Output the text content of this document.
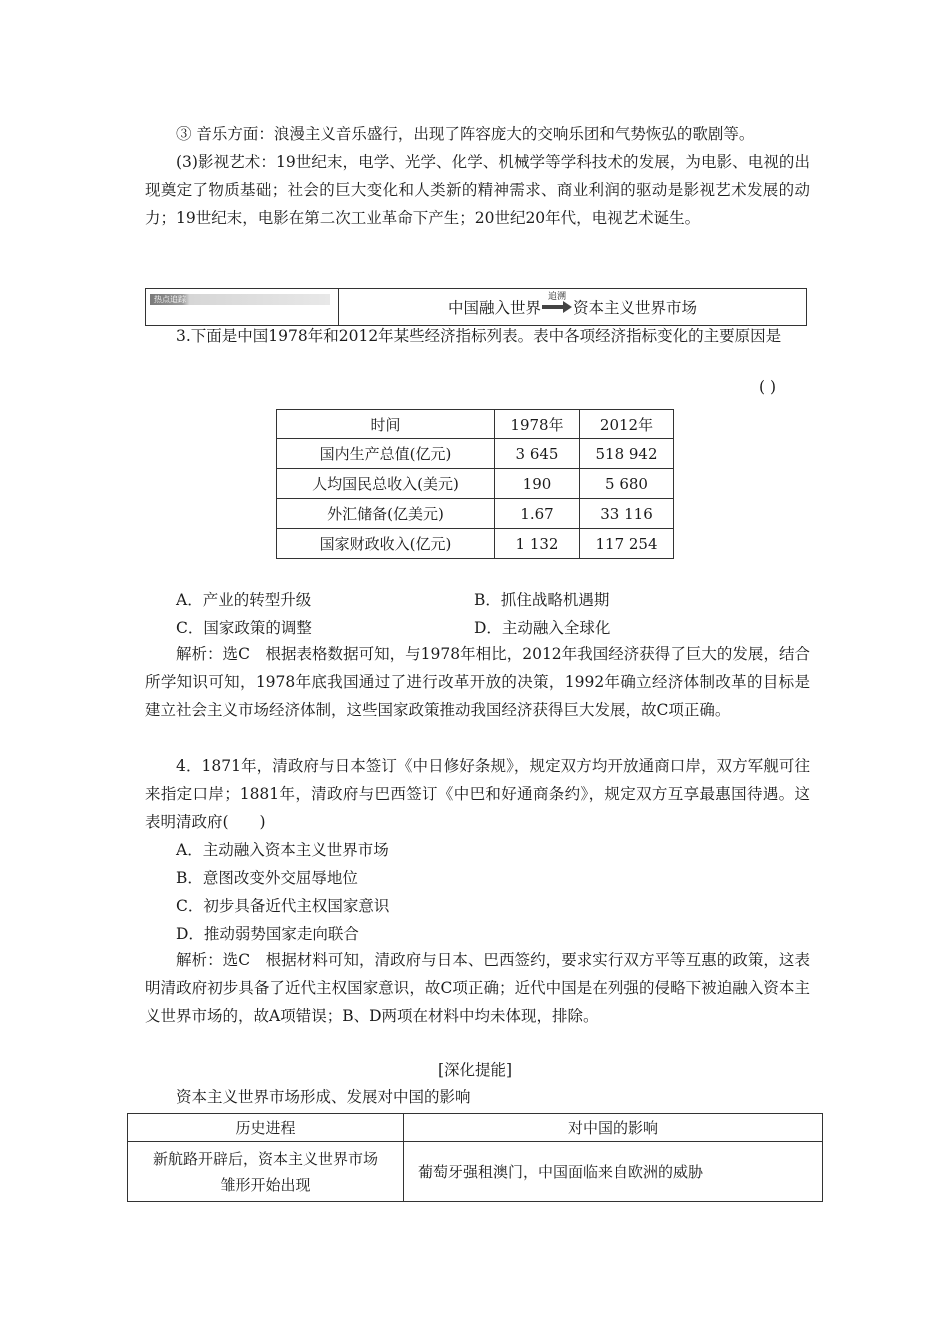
③ 音乐方面：浪漫主义音乐盛行，出现了阵容庞大的交响乐团和气势恢弘的歌剧等。
(3)影视艺术：19世纪末，电学、光学、化学、机械学等学科技术的发展，为电影、电视的出现奠定了物质基础；社会的巨大变化和人类新的精神需求、商业利润的驱动是影视艺术发展的动力；19世纪末，电影在第二次工业革命下产生；20世纪20年代，电视艺术诞生。
热点追踪	中国融入世界
追溯
资本主义世界市场
3.下面是中国1978年和2012年某些经济指标列表。表中各项经济指标变化的主要原因是
( )
时间	1978年	2012年
国内生产总值(亿元)	3 645	518 942
人均国民总收入(美元)	190	5 680
外汇储备(亿美元)	1.67	33 116
国家财政收入(亿元)	1 132	117 254
A．产业的转型升级	B．抓住战略机遇期
C．国家政策的调整	D．主动融入全球化
解析：选C　根据表格数据可知，与1978年相比，2012年我国经济获得了巨大的发展，结合所学知识可知，1978年底我国通过了进行改革开放的决策，1992年确立经济体制改革的目标是建立社会主义市场经济体制，这些国家政策推动我国经济获得巨大发展，故C项正确。
4．1871年，清政府与日本签订《中日修好条规》，规定双方均开放通商口岸，双方军舰可往来指定口岸；1881年，清政府与巴西签订《中巴和好通商条约》，规定双方互享最惠国待遇。这表明清政府(　　)
A．主动融入资本主义世界市场
B．意图改变外交屈辱地位
C．初步具备近代主权国家意识
D．推动弱势国家走向联合
解析：选C　根据材料可知，清政府与日本、巴西签约，要求实行双方平等互惠的政策，这表明清政府初步具备了近代主权国家意识，故C项正确；近代中国是在列强的侵略下被迫融入资本主义世界市场的，故A项错误；B、D两项在材料中均未体现，排除。
[深化提能]
资本主义世界市场形成、发展对中国的影响
历史进程	对中国的影响

新航路开辟后，资本主义世界市场
雏形开始出现	葡萄牙强租澳门，中国面临来自欧洲的威胁
